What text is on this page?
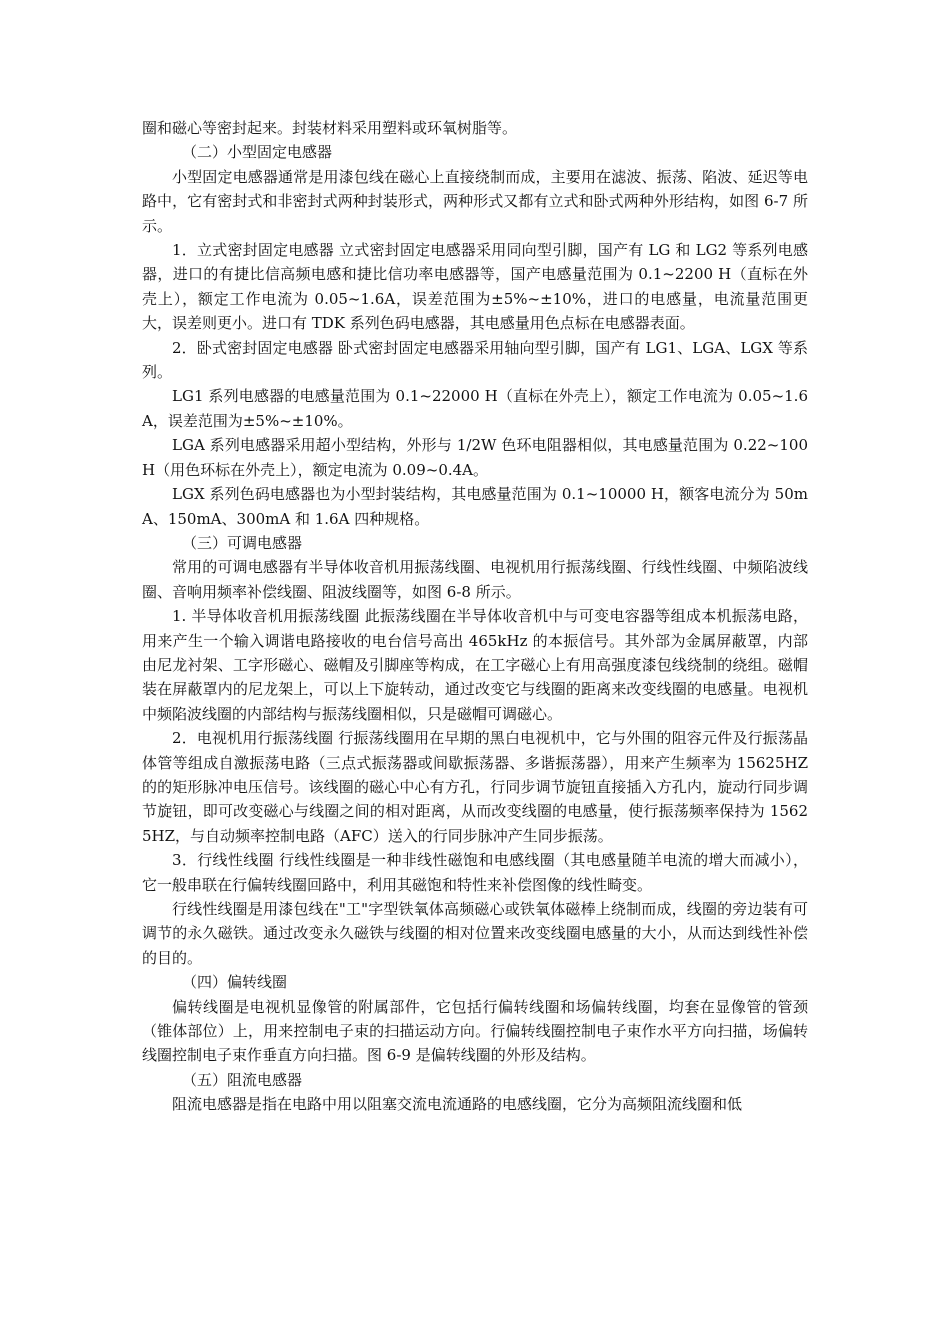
圈和磁心等密封起来。封装材料采用塑料或环氧树脂等。

（二）小型固定电感器

小型固定电感器通常是用漆包线在磁心上直接绕制而成，主要用在滤波、振荡、陷波、延迟等电路中，它有密封式和非密封式两种封装形式，两种形式又都有立式和卧式两种外形结构，如图 6-7 所示。

1．立式密封固定电感器 立式密封固定电感器采用同向型引脚，国产有 LG 和 LG2 等系列电感器，进口的有捷比信高频电感和捷比信功率电感器等，国产电感量范围为 0.1~2200 H（直标在外壳上），额定工作电流为 0.05~1.6A，误差范围为±5%~±10%，进口的电感量，电流量范围更大，误差则更小。进口有 TDK 系列色码电感器，其电感量用色点标在电感器表面。

2．卧式密封固定电感器 卧式密封固定电感器采用轴向型引脚，国产有 LG1、LGA、LGX 等系列。

LG1 系列电感器的电感量范围为 0.1~22000 H（直标在外壳上），额定工作电流为 0.05~1.6A，误差范围为±5%~±10%。

LGA 系列电感器采用超小型结构，外形与 1/2W 色环电阻器相似，其电感量范围为 0.22~100 H（用色环标在外壳上），额定电流为 0.09~0.4A。

LGX 系列色码电感器也为小型封装结构，其电感量范围为 0.1~10000 H，额客电流分为 50mA、150mA、300mA 和 1.6A 四种规格。

（三）可调电感器

常用的可调电感器有半导体收音机用振荡线圈、电视机用行振荡线圈、行线性线圈、中频陷波线圈、音响用频率补偿线圈、阻波线圈等，如图 6-8 所示。

1. 半导体收音机用振荡线圈 此振荡线圈在半导体收音机中与可变电容器等组成本机振荡电路，用来产生一个输入调谐电路接收的电台信号高出 465kHz 的本振信号。其外部为金属屏蔽罩，内部由尼龙衬架、工字形磁心、磁帽及引脚座等构成，在工字磁心上有用高强度漆包线绕制的绕组。磁帽装在屏蔽罩内的尼龙架上，可以上下旋转动，通过改变它与线圈的距离来改变线圈的电感量。电视机中频陷波线圈的内部结构与振荡线圈相似，只是磁帽可调磁心。

2．电视机用行振荡线圈 行振荡线圈用在早期的黑白电视机中，它与外围的阻容元件及行振荡晶体管等组成自激振荡电路（三点式振荡器或间歇振荡器、多谐振荡器），用来产生频率为 15625HZ 的的矩形脉冲电压信号。该线圈的磁心中心有方孔，行同步调节旋钮直接插入方孔内，旋动行同步调节旋钮，即可改变磁心与线圈之间的相对距离，从而改变线圈的电感量，使行振荡频率保持为 15625HZ，与自动频率控制电路（AFC）送入的行同步脉冲产生同步振荡。

3．行线性线圈 行线性线圈是一种非线性磁饱和电感线圈（其电感量随羊电流的增大而减小），它一般串联在行偏转线圈回路中，利用其磁饱和特性来补偿图像的线性畸变。

行线性线圈是用漆包线在"工"字型铁氧体高频磁心或铁氧体磁棒上绕制而成，线圈的旁边装有可调节的永久磁铁。通过改变永久磁铁与线圈的相对位置来改变线圈电感量的大小，从而达到线性补偿的目的。

（四）偏转线圈

偏转线圈是电视机显像管的附属部件，它包括行偏转线圈和场偏转线圈，均套在显像管的管颈（锥体部位）上，用来控制电子束的扫描运动方向。行偏转线圈控制电子束作水平方向扫描，场偏转线圈控制电子束作垂直方向扫描。图 6-9 是偏转线圈的外形及结构。

（五）阻流电感器

阻流电感器是指在电路中用以阻塞交流电流通路的电感线圈，它分为高频阻流线圈和低
